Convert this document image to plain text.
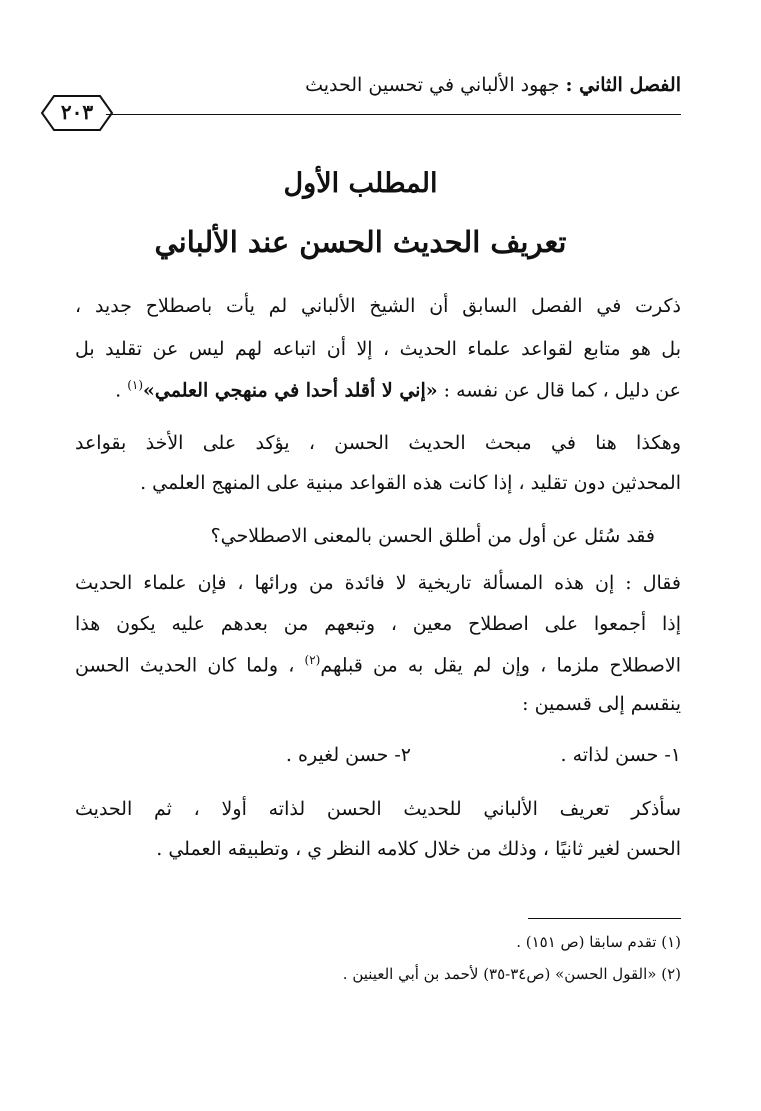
الفصل الثاني : جهود الألباني في تحسين الحديث
٢٠٣
المطلب الأول
تعريف الحديث الحسن عند الألباني
ذكرت في الفصل السابق أن الشيخ الألباني لم يأت باصطلاح جديد ،
بل هو متابع لقواعد علماء الحديث ، إلا أن اتباعه لهم ليس عن تقليد بل
عن دليل ، كما قال عن نفسه : «إني لا أقلد أحدا في منهجي العلمي»$^{(١)}$ .
وهكذا هنا في مبحث الحديث الحسن ، يؤكد على الأخذ بقواعد
المحدثين دون تقليد ، إذا كانت هذه القواعد مبنية على المنهج العلمي .
فقد سُئل عن أول من أطلق الحسن بالمعنى الاصطلاحي؟
فقال : إن هذه المسألة تاريخية لا فائدة من ورائها ، فإن علماء الحديث
إذا أجمعوا على اصطلاح معين ، وتبعهم من بعدهم عليه يكون هذا
الاصطلاح ملزما ، وإن لم يقل به من قبلهم$^{(٢)}$ ، ولما كان الحديث الحسن
ينقسم إلى قسمين :
١- حسن لذاته .
٢- حسن لغيره .
سأذكر تعريف الألباني للحديث الحسن لذاته أولا ، ثم الحديث
الحسن لغير ثانيًا ، وذلك من خلال كلامه النظر ي ، وتطبيقه العملي .
(١) تقدم سابقا (ص ١٥١) .
(٢) «القول الحسن» (ص٣٤-٣٥) لأحمد بن أبي العينين .
